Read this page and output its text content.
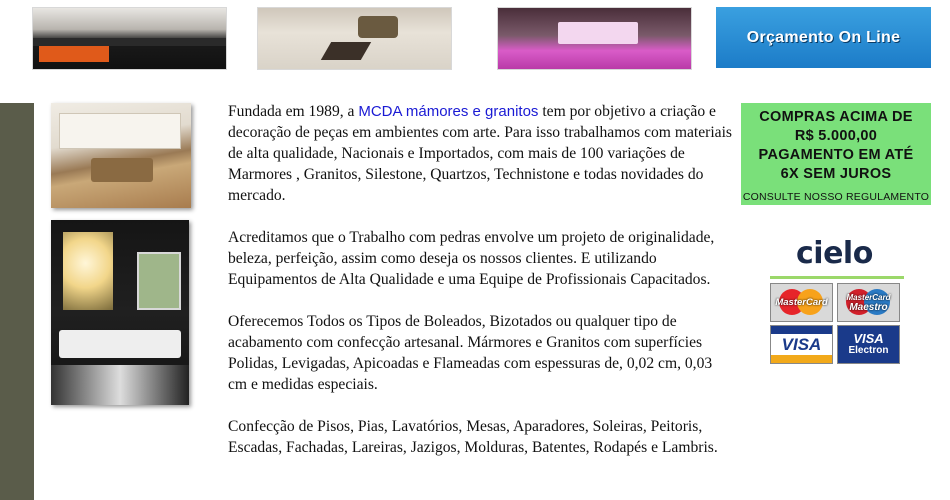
Orçamento On Line

Fundada em 1989, a MCDA mámores e granitos tem por objetivo a criação e decoração de peças em ambientes com arte. Para isso trabalhamos com materiais de alta qualidade, Nacionais e Importados, com mais de 100 variações de Marmores , Granitos, Silestone, Quartzos, Technistone e todas novidades do mercado.

Acreditamos que o Trabalho com pedras envolve um projeto de originalidade, beleza, perfeição, assim como deseja os nossos clientes. E utilizando Equipamentos de Alta Qualidade e uma Equipe de Profissionais Capacitados.

Oferecemos Todos os Tipos de Boleados, Bizotados ou qualquer tipo de acabamento com confecção artesanal. Mármores e Granitos com superfícies Polidas, Levigadas, Apicoadas e Flameadas com espessuras de, 0,02 cm, 0,03 cm e medidas especiais.

Confecção de Pisos, Pias, Lavatórios, Mesas, Aparadores, Soleiras, Peitoris, Escadas, Fachadas, Lareiras, Jazigos, Molduras, Batentes, Rodapés e Lambris.

COMPRAS ACIMA DE
R$ 5.000,00
PAGAMENTO EM ATÉ
6X SEM JUROS
CONSULTE NOSSO REGULAMENTO
cielo
MasterCard MasterCard
Maestro
VISA VISA
Electron
